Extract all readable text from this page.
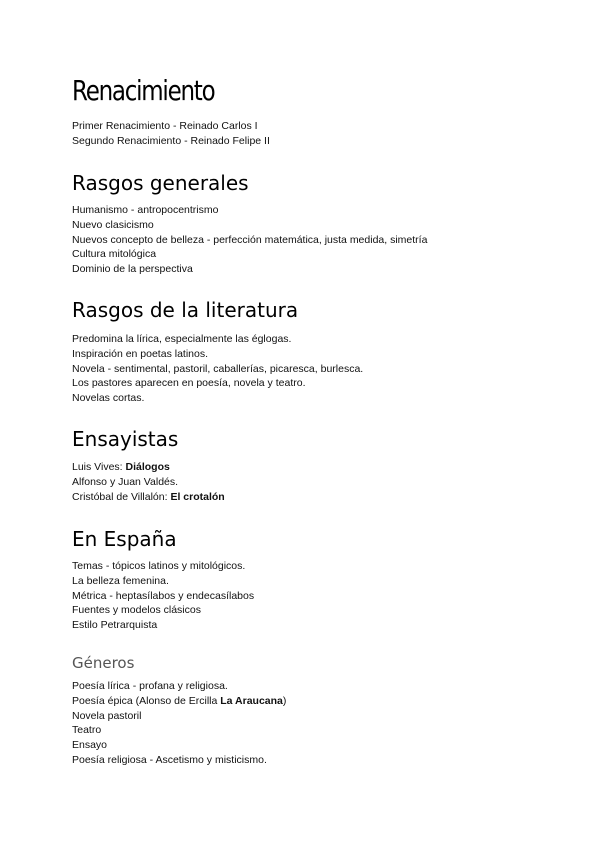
Renacimiento
Primer Renacimiento - Reinado Carlos I
Segundo Renacimiento - Reinado Felipe II
Rasgos generales
Humanismo - antropocentrismo
Nuevo clasicismo
Nuevos concepto de belleza - perfección matemática, justa medida, simetría
Cultura mitológica
Dominio de la perspectiva
Rasgos de la literatura
Predomina la lírica, especialmente las églogas.
Inspiración en poetas latinos.
Novela - sentimental, pastoril, caballerías, picaresca, burlesca.
Los pastores aparecen en poesía, novela y teatro.
Novelas cortas.
Ensayistas
Luis Vives: Diálogos
Alfonso y Juan Valdés.
Cristóbal de Villalón: El crotalón
En España
Temas - tópicos latinos y mitológicos.
La belleza femenina.
Métrica - heptasílabos y endecasílabos
Fuentes y modelos clásicos
Estilo Petrarquista
Géneros
Poesía lírica - profana y religiosa.
Poesía épica (Alonso de Ercilla La Araucana)
Novela pastoril
Teatro
Ensayo
Poesía religiosa - Ascetismo y misticismo.
